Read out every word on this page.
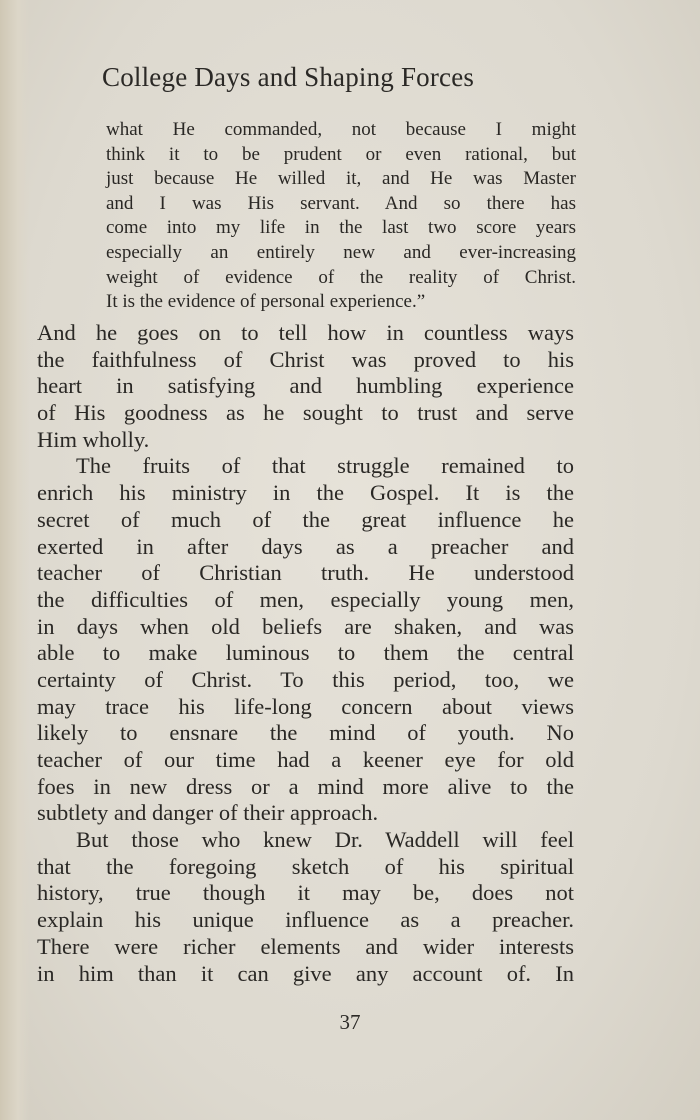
College Days and Shaping Forces
what He commanded, not because I might
think it to be prudent or even rational, but
just because He willed it, and He was Master
and I was His servant. And so there has
come into my life in the last two score years
especially an entirely new and ever-increasing
weight of evidence of the reality of Christ.
It is the evidence of personal experience.”
And he goes on to tell how in countless ways
the faithfulness of Christ was proved to his
heart in satisfying and humbling experience
of His goodness as he sought to trust and serve
Him wholly.
The fruits of that struggle remained to
enrich his ministry in the Gospel. It is the
secret of much of the great influence he
exerted in after days as a preacher and
teacher of Christian truth. He understood
the difficulties of men, especially young men,
in days when old beliefs are shaken, and was
able to make luminous to them the central
certainty of Christ. To this period, too, we
may trace his life-long concern about views
likely to ensnare the mind of youth. No
teacher of our time had a keener eye for old
foes in new dress or a mind more alive to the
subtlety and danger of their approach.
But those who knew Dr. Waddell will feel
that the foregoing sketch of his spiritual
history, true though it may be, does not
explain his unique influence as a preacher.
There were richer elements and wider interests
in him than it can give any account of. In
37
